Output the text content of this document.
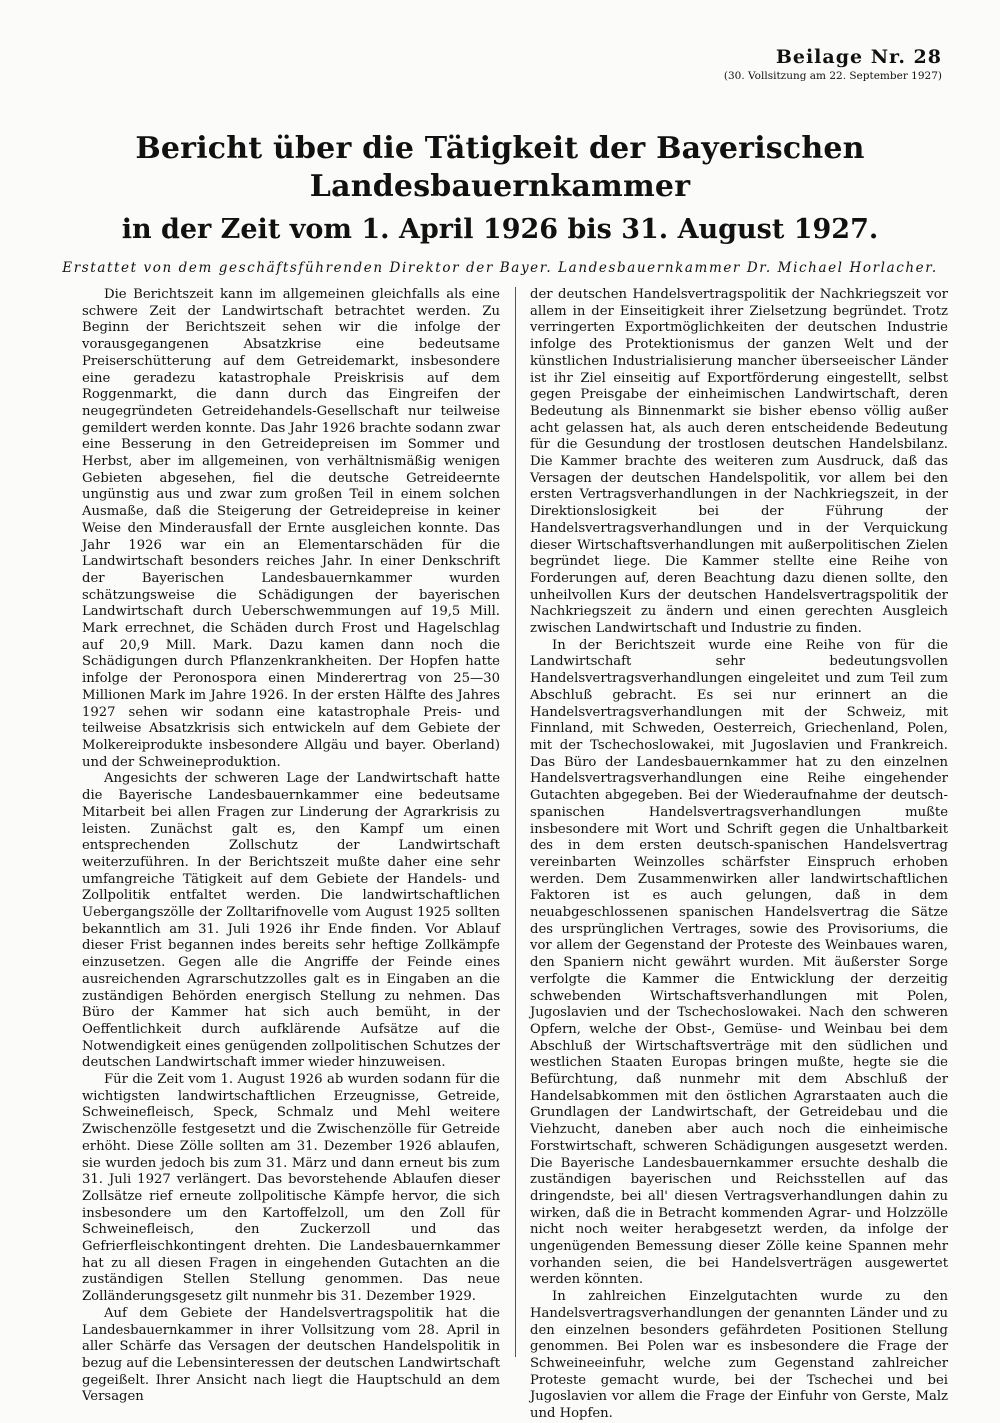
Beilage Nr. 28
(30. Vollsitzung am 22. September 1927)
Bericht über die Tätigkeit der Bayerischen Landesbauernkammer
in der Zeit vom 1. April 1926 bis 31. August 1927.
Erstattet von dem geschäftsführenden Direktor der Bayer. Landesbauernkammer Dr. Michael Horlacher.

Die Berichtszeit kann im allgemeinen gleichfalls als eine schwere Zeit der Landwirtschaft betrachtet werden. Zu Beginn der Berichtszeit sehen wir die infolge der vorausgegangenen Absatzkrise eine bedeutsame Preiserschütterung auf dem Getreidemarkt, insbesondere eine geradezu katastrophale Preiskrisis auf dem Roggenmarkt, die dann durch das Eingreifen der neugegründeten Getreidehandels-Gesellschaft nur teilweise gemildert werden konnte. Das Jahr 1926 brachte sodann zwar eine Besserung in den Getreidepreisen im Sommer und Herbst, aber im allgemeinen, von verhältnismäßig wenigen Gebieten abgesehen, fiel die deutsche Getreideernte ungünstig aus und zwar zum großen Teil in einem solchen Ausmaße, daß die Steigerung der Getreidepreise in keiner Weise den Minderausfall der Ernte ausgleichen konnte. Das Jahr 1926 war ein an Elementarschäden für die Landwirtschaft besonders reiches Jahr. In einer Denkschrift der Bayerischen Landesbauernkammer wurden schätzungsweise die Schädigungen der bayerischen Landwirtschaft durch Ueberschwemmungen auf 19,5 Mill. Mark errechnet, die Schäden durch Frost und Hagelschlag auf 20,9 Mill. Mark. Dazu kamen dann noch die Schädigungen durch Pflanzenkrankheiten. Der Hopfen hatte infolge der Peronospora einen Minderertrag von 25—30 Millionen Mark im Jahre 1926. In der ersten Hälfte des Jahres 1927 sehen wir sodann eine katastrophale Preis- und teilweise Absatzkrisis sich entwickeln auf dem Gebiete der Molkereiprodukte insbesondere Allgäu und bayer. Oberland) und der Schweineproduktion.

Angesichts der schweren Lage der Landwirtschaft hatte die Bayerische Landesbauernkammer eine bedeutsame Mitarbeit bei allen Fragen zur Linderung der Agrarkrisis zu leisten. Zunächst galt es, den Kampf um einen entsprechenden Zollschutz der Landwirtschaft weiterzuführen. In der Berichtszeit mußte daher eine sehr umfangreiche Tätigkeit auf dem Gebiete der Handels- und Zollpolitik entfaltet werden. Die landwirtschaftlichen Uebergangszölle der Zolltarifnovelle vom August 1925 sollten bekanntlich am 31. Juli 1926 ihr Ende finden. Vor Ablauf dieser Frist begannen indes bereits sehr heftige Zollkämpfe einzusetzen. Gegen alle die Angriffe der Feinde eines ausreichenden Agrarschutzzolles galt es in Eingaben an die zuständigen Behörden energisch Stellung zu nehmen. Das Büro der Kammer hat sich auch bemüht, in der Oeffentlichkeit durch aufklärende Aufsätze auf die Notwendigkeit eines genügenden zollpolitischen Schutzes der deutschen Landwirtschaft immer wieder hinzuweisen.

Für die Zeit vom 1. August 1926 ab wurden sodann für die wichtigsten landwirtschaftlichen Erzeugnisse, Getreide, Schweinefleisch, Speck, Schmalz und Mehl weitere Zwischenzölle festgesetzt und die Zwischenzölle für Getreide erhöht. Diese Zölle sollten am 31. Dezember 1926 ablaufen, sie wurden jedoch bis zum 31. März und dann erneut bis zum 31. Juli 1927 verlängert. Das bevorstehende Ablaufen dieser Zollsätze rief erneute zollpolitische Kämpfe hervor, die sich insbesondere um den Kartoffelzoll, um den Zoll für Schweinefleisch, den Zuckerzoll und das Gefrierfleischkontingent drehten. Die Landesbauernkammer hat zu all diesen Fragen in eingehenden Gutachten an die zuständigen Stellen Stellung genommen. Das neue Zolländerungsgesetz gilt nunmehr bis 31. Dezember 1929.

Auf dem Gebiete der Handelsvertragspolitik hat die Landesbauernkammer in ihrer Vollsitzung vom 28. April in aller Schärfe das Versagen der deutschen Handelspolitik in bezug auf die Lebensinteressen der deutschen Landwirtschaft gegeißelt. Ihrer Ansicht nach liegt die Hauptschuld an dem Versagen

der deutschen Handelsvertragspolitik der Nachkriegszeit vor allem in der Einseitigkeit ihrer Zielsetzung begründet. Trotz verringerten Exportmöglichkeiten der deutschen Industrie infolge des Protektionismus der ganzen Welt und der künstlichen Industrialisierung mancher überseeischer Länder ist ihr Ziel einseitig auf Exportförderung eingestellt, selbst gegen Preisgabe der einheimischen Landwirtschaft, deren Bedeutung als Binnenmarkt sie bisher ebenso völlig außer acht gelassen hat, als auch deren entscheidende Bedeutung für die Gesundung der trostlosen deutschen Handelsbilanz. Die Kammer brachte des weiteren zum Ausdruck, daß das Versagen der deutschen Handelspolitik, vor allem bei den ersten Vertragsverhandlungen in der Nachkriegszeit, in der Direktionslosigkeit bei der Führung der Handelsvertragsverhandlungen und in der Verquickung dieser Wirtschaftsverhandlungen mit außerpolitischen Zielen begründet liege. Die Kammer stellte eine Reihe von Forderungen auf, deren Beachtung dazu dienen sollte, den unheilvollen Kurs der deutschen Handelsvertragspolitik der Nachkriegszeit zu ändern und einen gerechten Ausgleich zwischen Landwirtschaft und Industrie zu finden.

In der Berichtszeit wurde eine Reihe von für die Landwirtschaft sehr bedeutungsvollen Handelsvertragsverhandlungen eingeleitet und zum Teil zum Abschluß gebracht. Es sei nur erinnert an die Handelsvertragsverhandlungen mit der Schweiz, mit Finnland, mit Schweden, Oesterreich, Griechenland, Polen, mit der Tschechoslowakei, mit Jugoslavien und Frankreich. Das Büro der Landesbauernkammer hat zu den einzelnen Handelsvertragsverhandlungen eine Reihe eingehender Gutachten abgegeben. Bei der Wiederaufnahme der deutsch-spanischen Handelsvertragsverhandlungen mußte insbesondere mit Wort und Schrift gegen die Unhaltbarkeit des in dem ersten deutsch-spanischen Handelsvertrag vereinbarten Weinzolles schärfster Einspruch erhoben werden. Dem Zusammenwirken aller landwirtschaftlichen Faktoren ist es auch gelungen, daß in dem neuabgeschlossenen spanischen Handelsvertrag die Sätze des ursprünglichen Vertrages, sowie des Provisoriums, die vor allem der Gegenstand der Proteste des Weinbaues waren, den Spaniern nicht gewährt wurden. Mit äußerster Sorge verfolgte die Kammer die Entwicklung der derzeitig schwebenden Wirtschaftsverhandlungen mit Polen, Jugoslavien und der Tschechoslowakei. Nach den schweren Opfern, welche der Obst-, Gemüse- und Weinbau bei dem Abschluß der Wirtschaftsverträge mit den südlichen und westlichen Staaten Europas bringen mußte, hegte sie die Befürchtung, daß nunmehr mit dem Abschluß der Handelsabkommen mit den östlichen Agrarstaaten auch die Grundlagen der Landwirtschaft, der Getreidebau und die Viehzucht, daneben aber auch noch die einheimische Forstwirtschaft, schweren Schädigungen ausgesetzt werden. Die Bayerische Landesbauernkammer ersuchte deshalb die zuständigen bayerischen und Reichsstellen auf das dringendste, bei all' diesen Vertragsverhandlungen dahin zu wirken, daß die in Betracht kommenden Agrar- und Holzzölle nicht noch weiter herabgesetzt werden, da infolge der ungenügenden Bemessung dieser Zölle keine Spannen mehr vorhanden seien, die bei Handelsverträgen ausgewertet werden könnten.

In zahlreichen Einzelgutachten wurde zu den Handelsvertragsverhandlungen der genannten Länder und zu den einzelnen besonders gefährdeten Positionen Stellung genommen. Bei Polen war es insbesondere die Frage der Schweineeinfuhr, welche zum Gegenstand zahlreicher Proteste gemacht wurde, bei der Tschechei und bei Jugoslavien vor allem die Frage der Einfuhr von Gerste, Malz und Hopfen.
